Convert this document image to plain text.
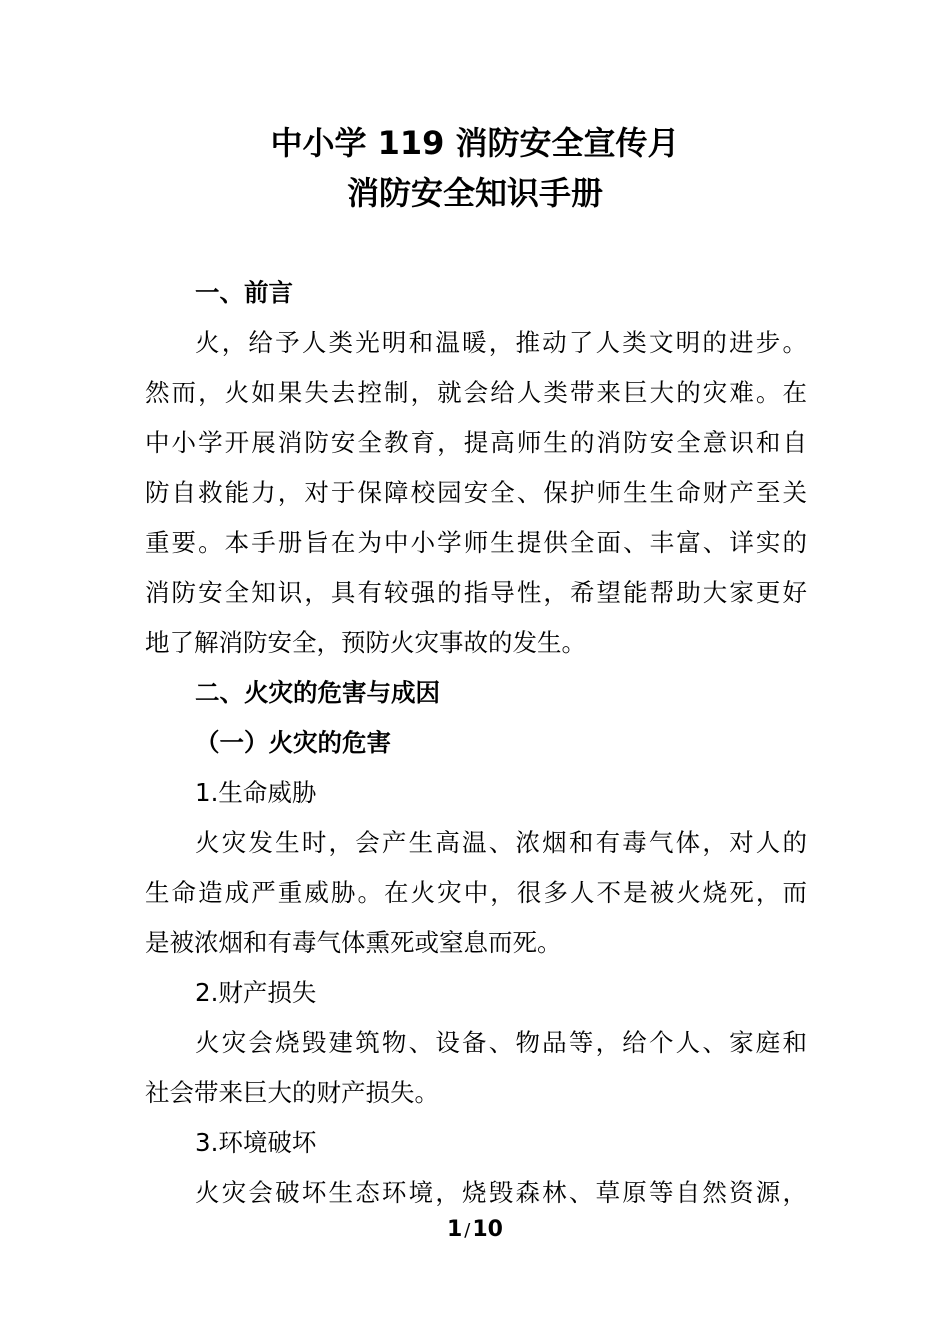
中小学 119 消防安全宣传月
消防安全知识手册
一、前言
火，给予人类光明和温暖，推动了人类文明的进步。
然而，火如果失去控制，就会给人类带来巨大的灾难。在
中小学开展消防安全教育，提高师生的消防安全意识和自
防自救能力，对于保障校园安全、保护师生生命财产至关
重要。本手册旨在为中小学师生提供全面、丰富、详实的
消防安全知识，具有较强的指导性，希望能帮助大家更好
地了解消防安全，预防火灾事故的发生。
二、火灾的危害与成因
（一）火灾的危害
1.生命威胁
火灾发生时，会产生高温、浓烟和有毒气体，对人的
生命造成严重威胁。在火灾中，很多人不是被火烧死，而
是被浓烟和有毒气体熏死或窒息而死。
2.财产损失
火灾会烧毁建筑物、设备、物品等，给个人、家庭和
社会带来巨大的财产损失。
3.环境破坏
火灾会破坏生态环境，烧毁森林、草原等自然资源，
1 /10
